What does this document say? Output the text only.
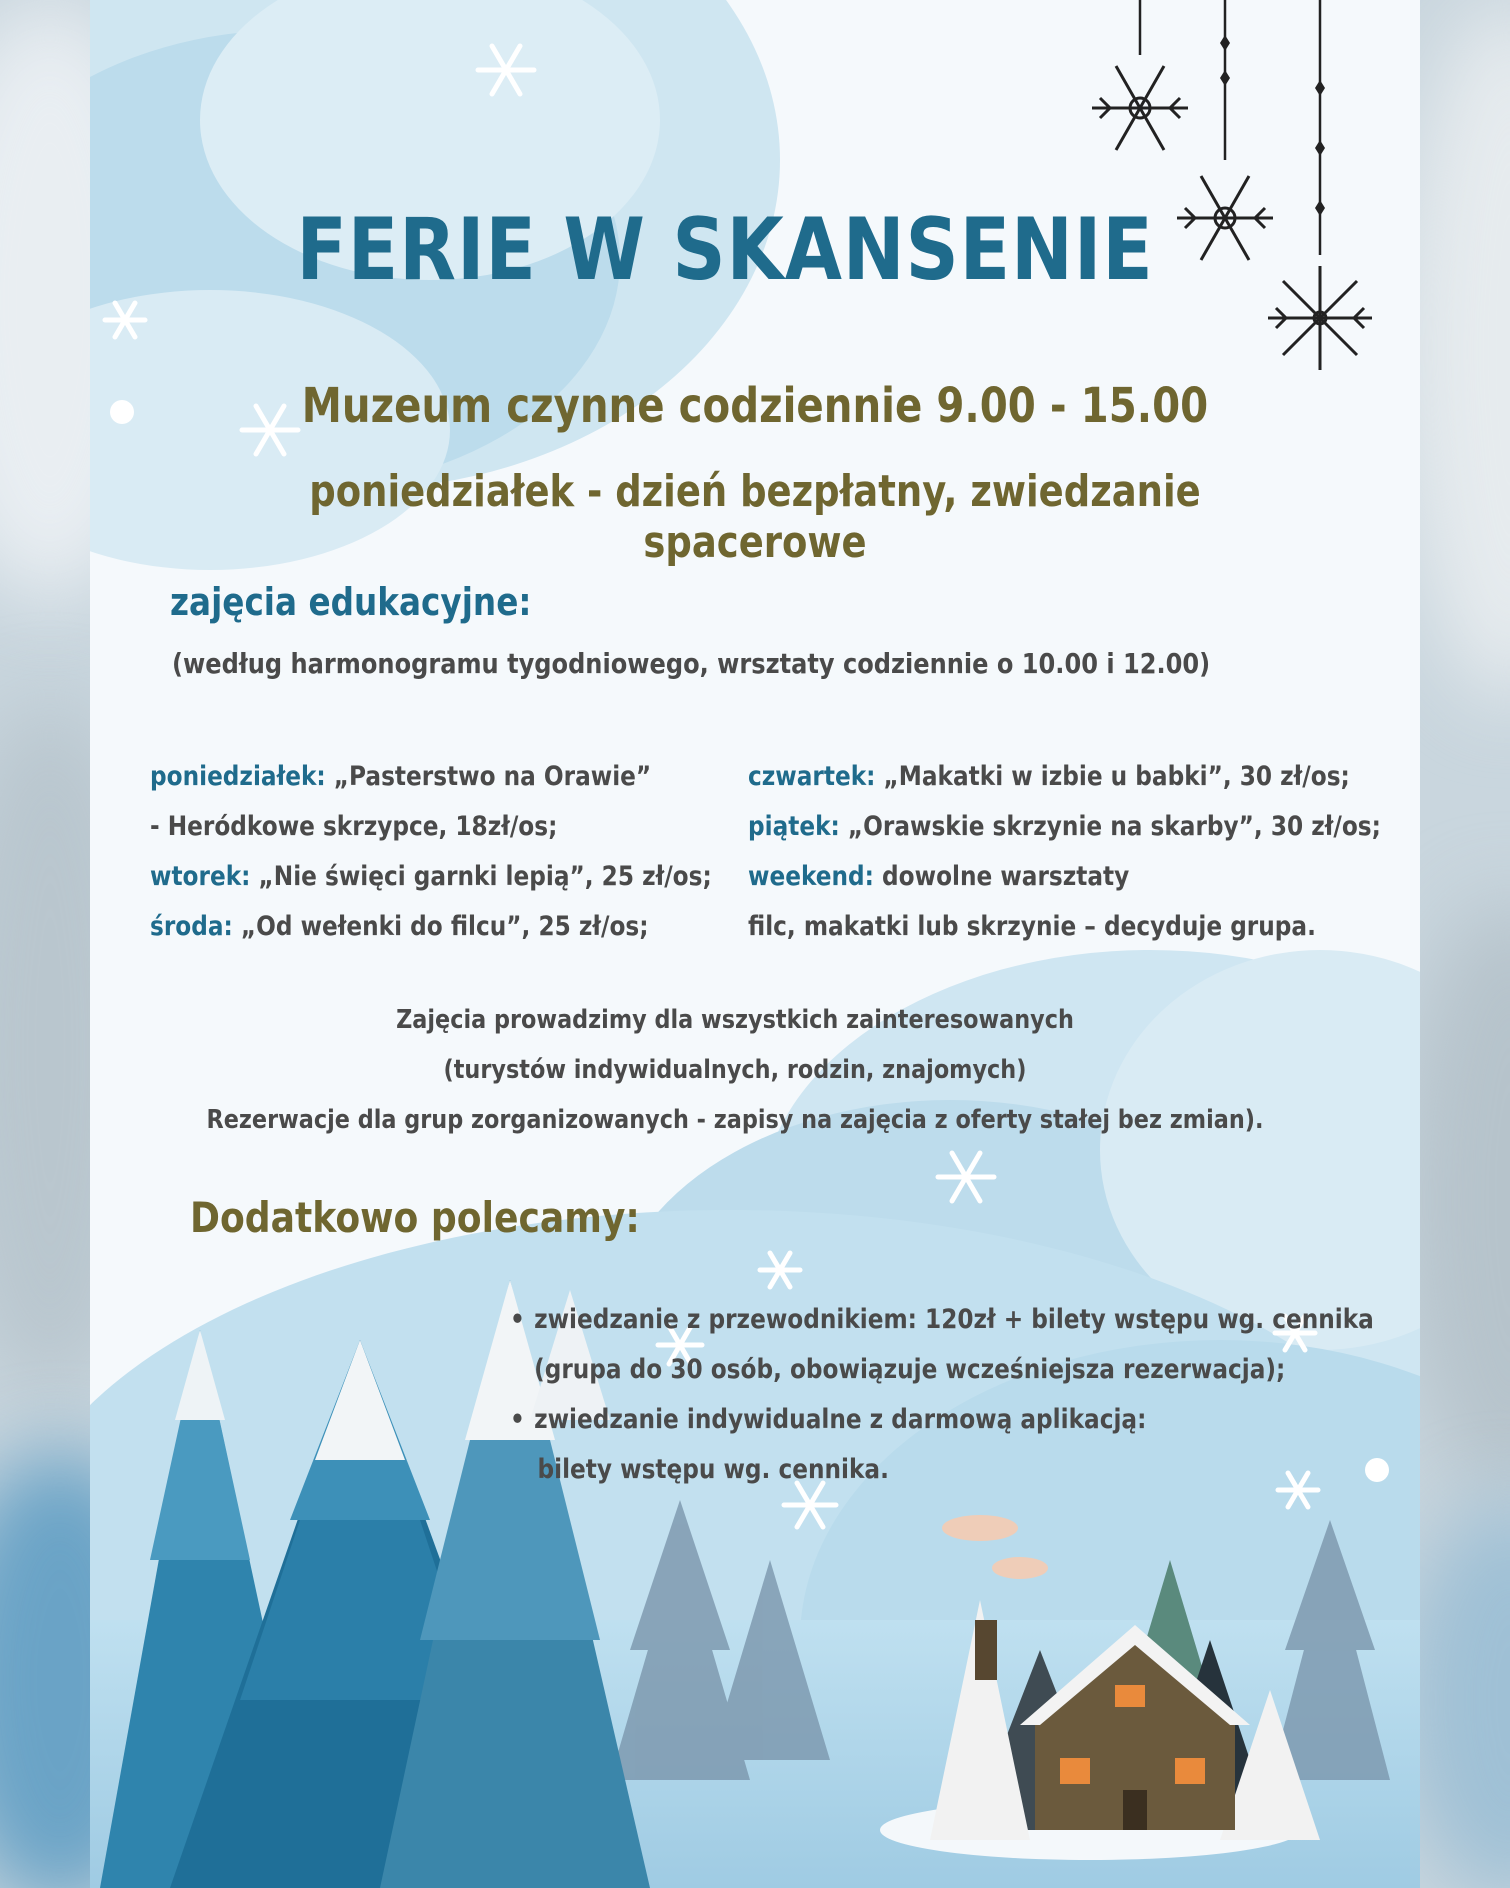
FERIE W SKANSENIE
Muzeum czynne codziennie 9.00 - 15.00
poniedziałek - dzień bezpłatny, zwiedzanie spacerowe
zajęcia edukacyjne:
(według harmonogramu tygodniowego, wrsztaty codziennie o 10.00 i 12.00)
poniedziałek: „Pasterstwo na Orawie”
- Heródkowe skrzypce, 18zł/os;
wtorek: „Nie święci garnki lepią”, 25 zł/os;
środa: „Od wełenki do filcu”, 25 zł/os;
czwartek: „Makatki w izbie u babki”, 30 zł/os;
piątek: „Orawskie skrzynie na skarby”, 30 zł/os;
weekend: dowolne warsztaty
filc, makatki lub skrzynie – decyduje grupa.
Zajęcia prowadzimy dla wszystkich zainteresowanych
(turystów indywidualnych, rodzin, znajomych)
Rezerwacje dla grup zorganizowanych - zapisy na zajęcia z oferty stałej bez zmian).
Dodatkowo polecamy:
• zwiedzanie z przewodnikiem: 120zł + bilety wstępu wg. cennika
(grupa do 30 osób, obowiązuje wcześniejsza rezerwacja);
• zwiedzanie indywidualne z darmową aplikacją:
bilety wstępu wg. cennika.
